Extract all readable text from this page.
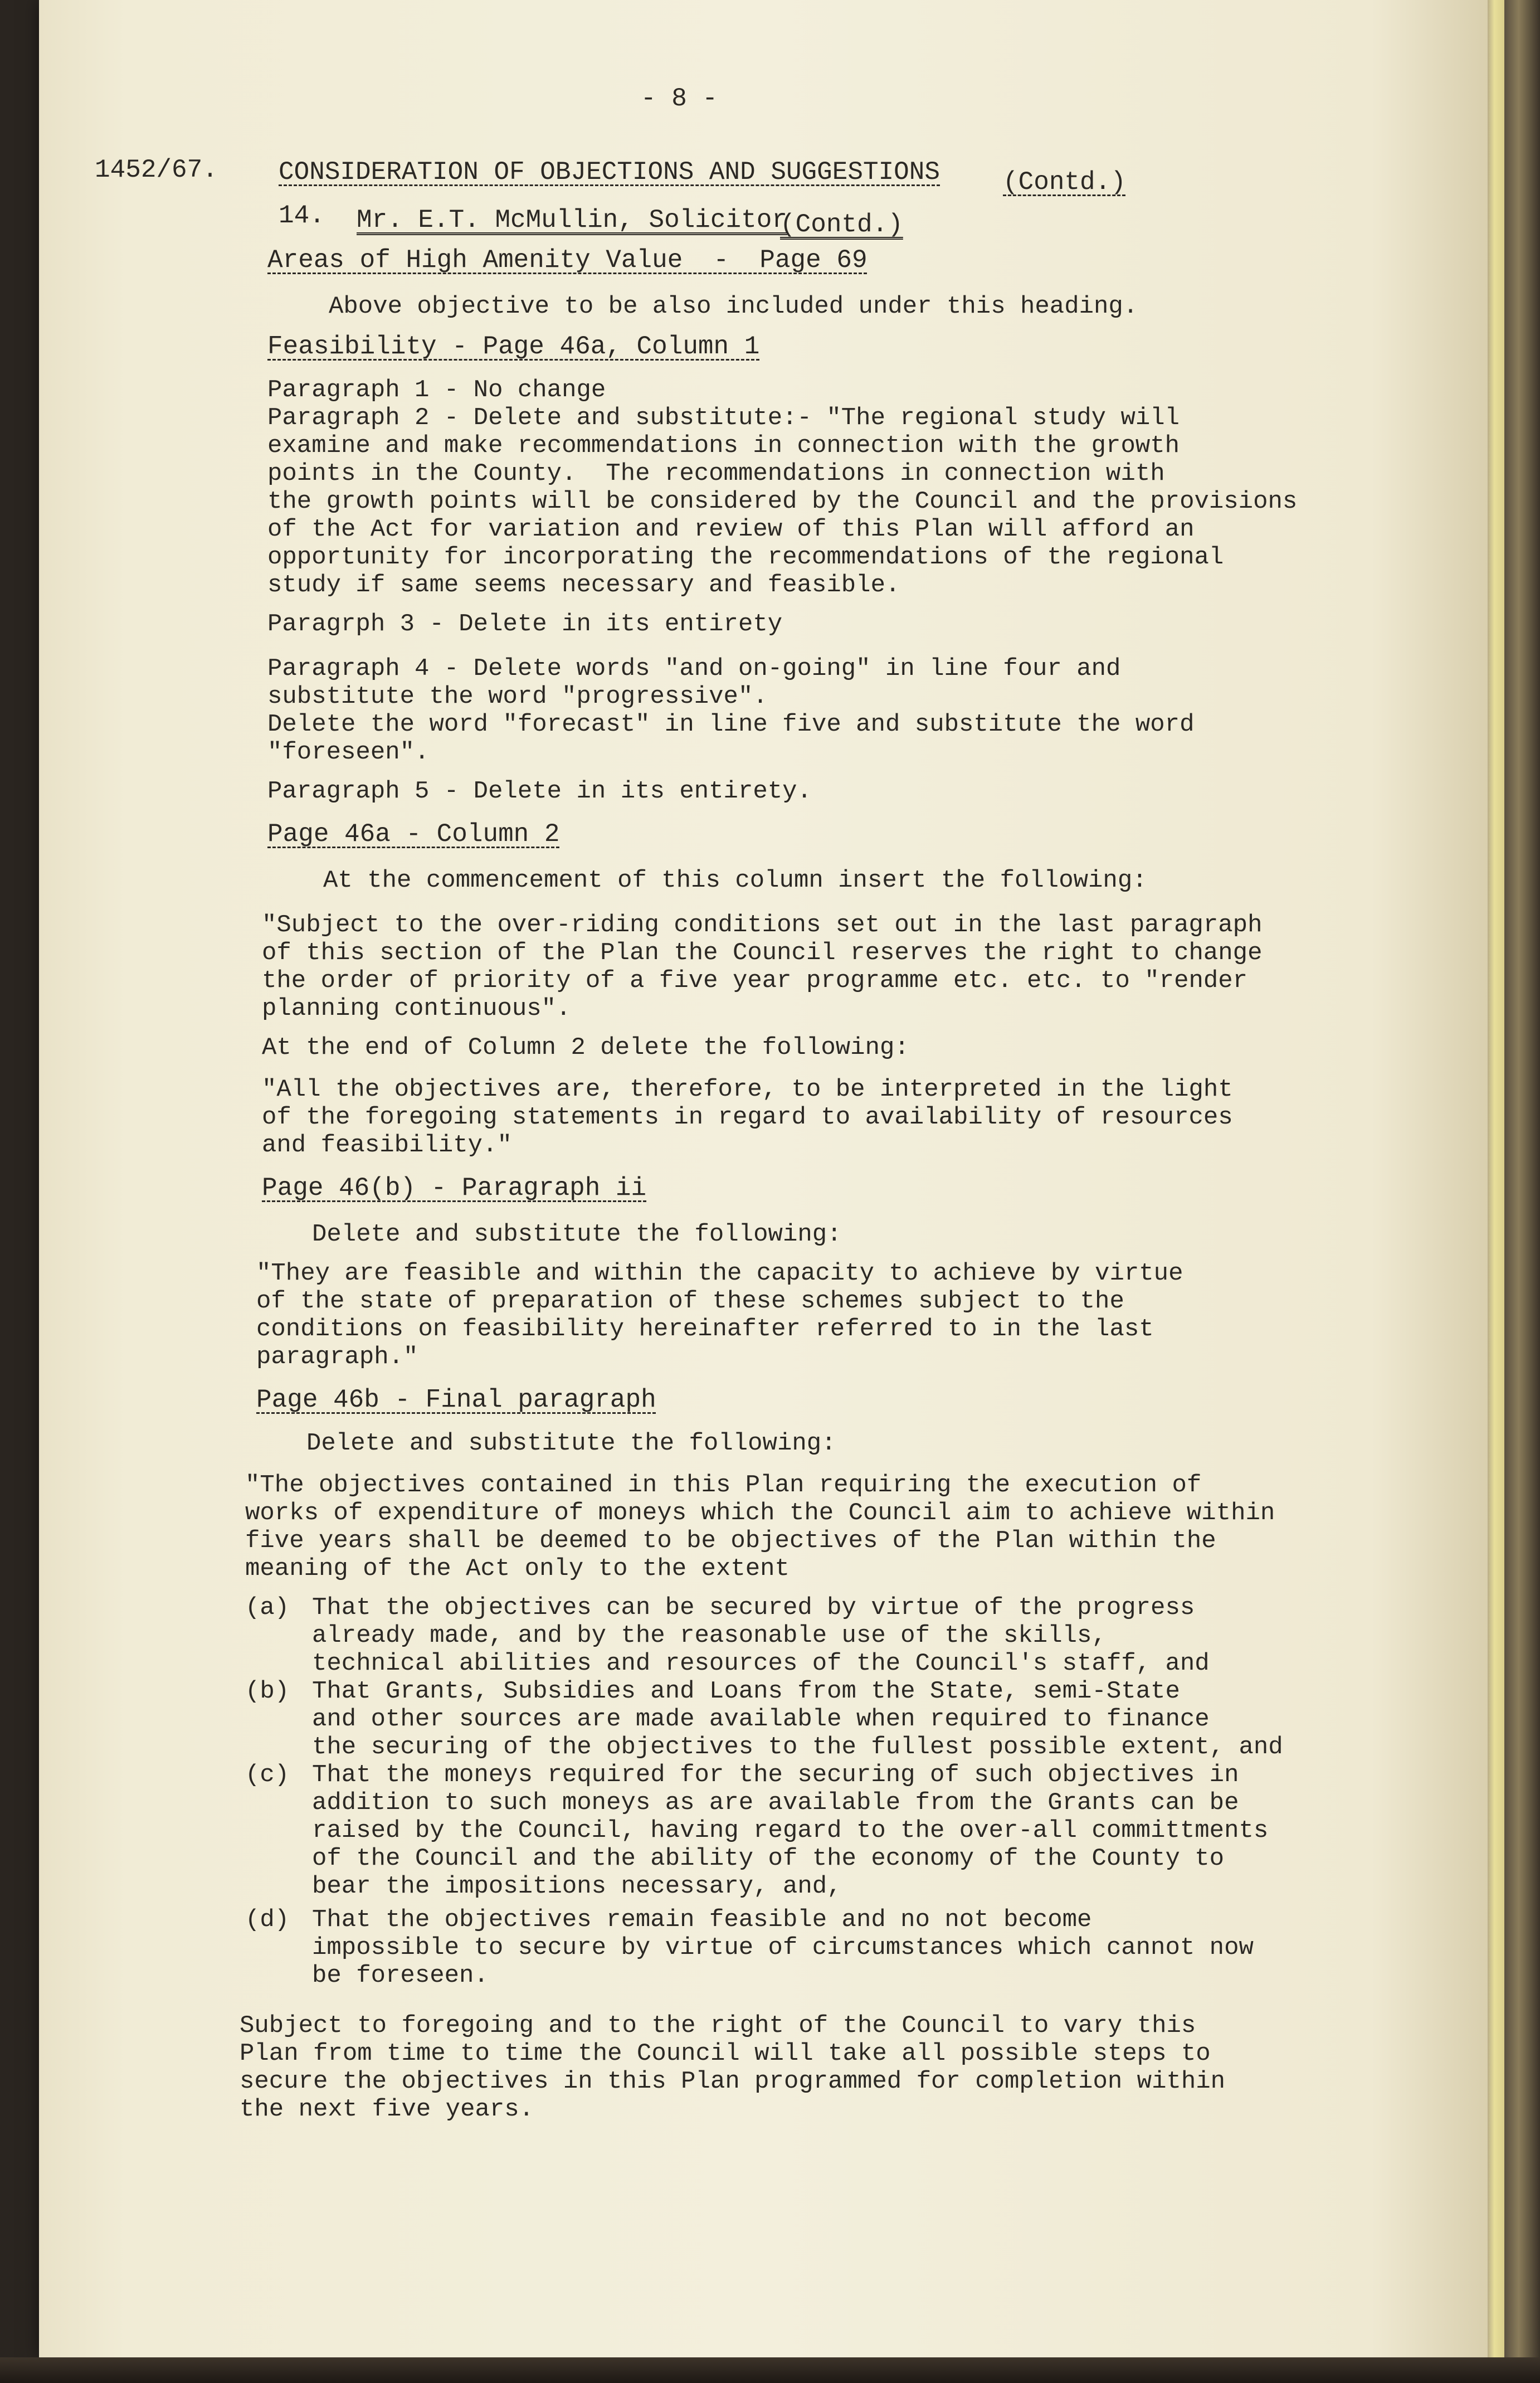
- 8 -
1452/67. CONSIDERATION OF OBJECTIONS AND SUGGESTIONS (Contd.)
14. Mr. E.T. McMullin, Solicitor
(Contd.)
Areas of High Amenity Value  -  Page 69
Above objective to be also included under this heading.
Feasibility - Page 46a, Column 1
Paragraph 1 - No change
Paragraph 2 - Delete and substitute:- "The regional study will
examine and make recommendations in connection with the growth
points in the County.  The recommendations in connection with
the growth points will be considered by the Council and the provisions
of the Act for variation and review of this Plan will afford an
opportunity for incorporating the recommendations of the regional
study if same seems necessary and feasible.
Paragrph 3 - Delete in its entirety
Paragraph 4 - Delete words "and on-going" in line four and
substitute the word "progressive".
Delete the word "forecast" in line five and substitute the word
"foreseen".
Paragraph 5 - Delete in its entirety.
Page 46a - Column 2
At the commencement of this column insert the following:
"Subject to the over-riding conditions set out in the last paragraph
of this section of the Plan the Council reserves the right to change
the order of priority of a five year programme etc. etc. to "render
planning continuous".
At the end of Column 2 delete the following:
"All the objectives are, therefore, to be interpreted in the light
of the foregoing statements in regard to availability of resources
and feasibility."
Page 46(b) - Paragraph ii
Delete and substitute the following:
"They are feasible and within the capacity to achieve by virtue
of the state of preparation of these schemes subject to the
conditions on feasibility hereinafter referred to in the last
paragraph."
Page 46b - Final paragraph
Delete and substitute the following:
"The objectives contained in this Plan requiring the execution of
works of expenditure of moneys which the Council aim to achieve within
five years shall be deemed to be objectives of the Plan within the
meaning of the Act only to the extent
(a) That the objectives can be secured by virtue of the progress
already made, and by the reasonable use of the skills,
technical abilities and resources of the Council's staff, and
(b) That Grants, Subsidies and Loans from the State, semi-State
and other sources are made available when required to finance
the securing of the objectives to the fullest possible extent, and
(c) That the moneys required for the securing of such objectives in
addition to such moneys as are available from the Grants can be
raised by the Council, having regard to the over-all committments
of the Council and the ability of the economy of the County to
bear the impositions necessary, and,
(d) That the objectives remain feasible and no not become
impossible to secure by virtue of circumstances which cannot now
be foreseen.
Subject to foregoing and to the right of the Council to vary this
Plan from time to time the Council will take all possible steps to
secure the objectives in this Plan programmed for completion within
the next five years.
